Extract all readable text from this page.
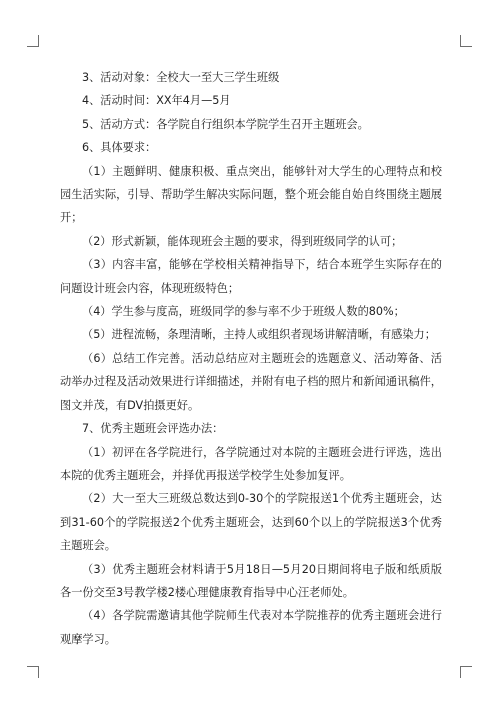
3、活动对象：全校大一至大三学生班级

4、活动时间：XX年4月—5月

5、活动方式：各学院自行组织本学院学生召开主题班会。

6、具体要求：

（1）主题鲜明、健康积极、重点突出，能够针对大学生的心理特点和校园生活实际，引导、帮助学生解决实际问题，整个班会能自始自终围绕主题展开；

（2）形式新颖，能体现班会主题的要求，得到班级同学的认可；

（3）内容丰富，能够在学校相关精神指导下，结合本班学生实际存在的问题设计班会内容，体现班级特色；

（4）学生参与度高，班级同学的参与率不少于班级人数的80%；

（5）进程流畅，条理清晰，主持人或组织者现场讲解清晰，有感染力；

（6）总结工作完善。活动总结应对主题班会的选题意义、活动筹备、活动举办过程及活动效果进行详细描述，并附有电子档的照片和新闻通讯稿件，图文并茂，有DV拍摄更好。

7、优秀主题班会评选办法：

（1）初评在各学院进行，各学院通过对本院的主题班会进行评选，选出本院的优秀主题班会，并择优再报送学校学生处参加复评。

（2）大一至大三班级总数达到0-30个的学院报送1个优秀主题班会，达到31-60个的学院报送2个优秀主题班会，达到60个以上的学院报送3个优秀主题班会。

（3）优秀主题班会材料请于5月18日—5月20日期间将电子版和纸质版各一份交至3号教学楼2楼心理健康教育指导中心汪老师处。

（4）各学院需邀请其他学院师生代表对本学院推荐的优秀主题班会进行观摩学习。
